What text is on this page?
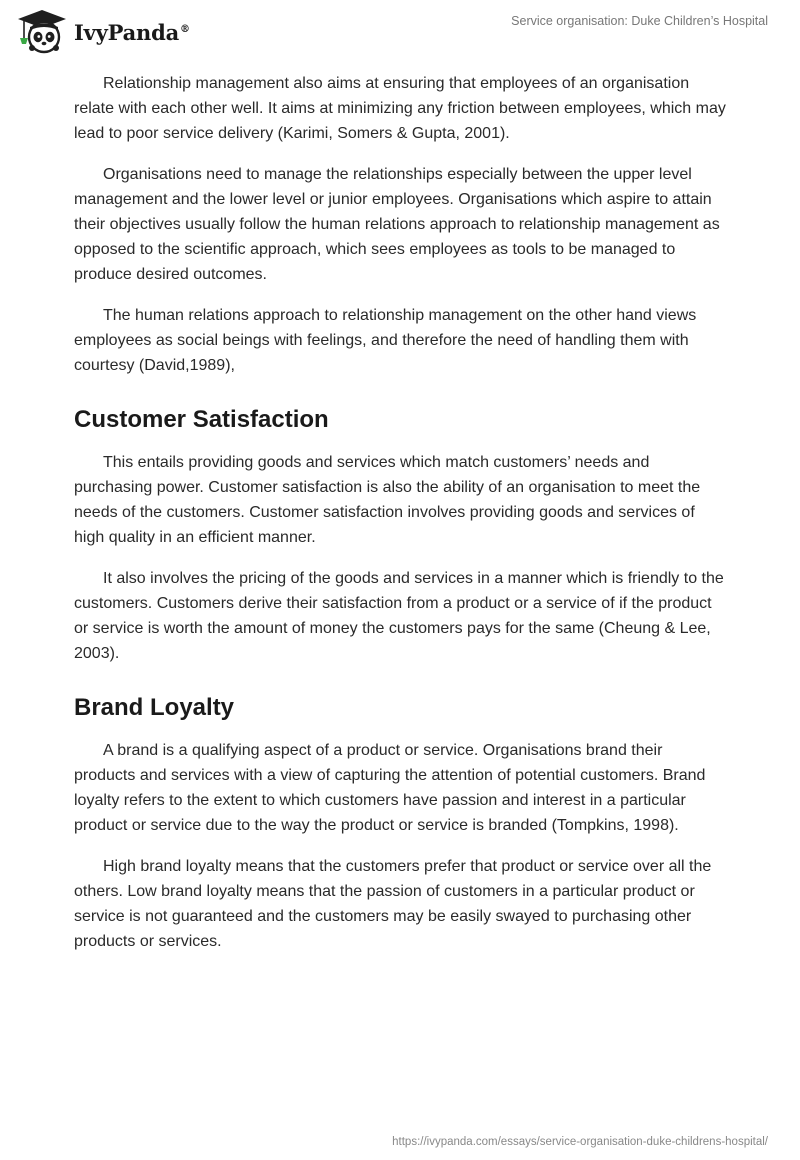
IvyPanda®
Service organisation: Duke Children’s Hospital

Relationship management also aims at ensuring that employees of an organisation relate with each other well. It aims at minimizing any friction between employees, which may lead to poor service delivery (Karimi, Somers & Gupta, 2001).

Organisations need to manage the relationships especially between the upper level management and the lower level or junior employees. Organisations which aspire to attain their objectives usually follow the human relations approach to relationship management as opposed to the scientific approach, which sees employees as tools to be managed to produce desired outcomes.

The human relations approach to relationship management on the other hand views employees as social beings with feelings, and therefore the need of handling them with courtesy (David,1989),

Customer Satisfaction

This entails providing goods and services which match customers’ needs and purchasing power. Customer satisfaction is also the ability of an organisation to meet the needs of the customers. Customer satisfaction involves providing goods and services of high quality in an efficient manner.

It also involves the pricing of the goods and services in a manner which is friendly to the customers. Customers derive their satisfaction from a product or a service of if the product or service is worth the amount of money the customers pays for the same (Cheung & Lee, 2003).

Brand Loyalty

A brand is a qualifying aspect of a product or service. Organisations brand their products and services with a view of capturing the attention of potential customers. Brand loyalty refers to the extent to which customers have passion and interest in a particular product or service due to the way the product or service is branded (Tompkins, 1998).

High brand loyalty means that the customers prefer that product or service over all the others. Low brand loyalty means that the passion of customers in a particular product or service is not guaranteed and the customers may be easily swayed to purchasing other products or services.

https://ivypanda.com/essays/service-organisation-duke-childrens-hospital/
